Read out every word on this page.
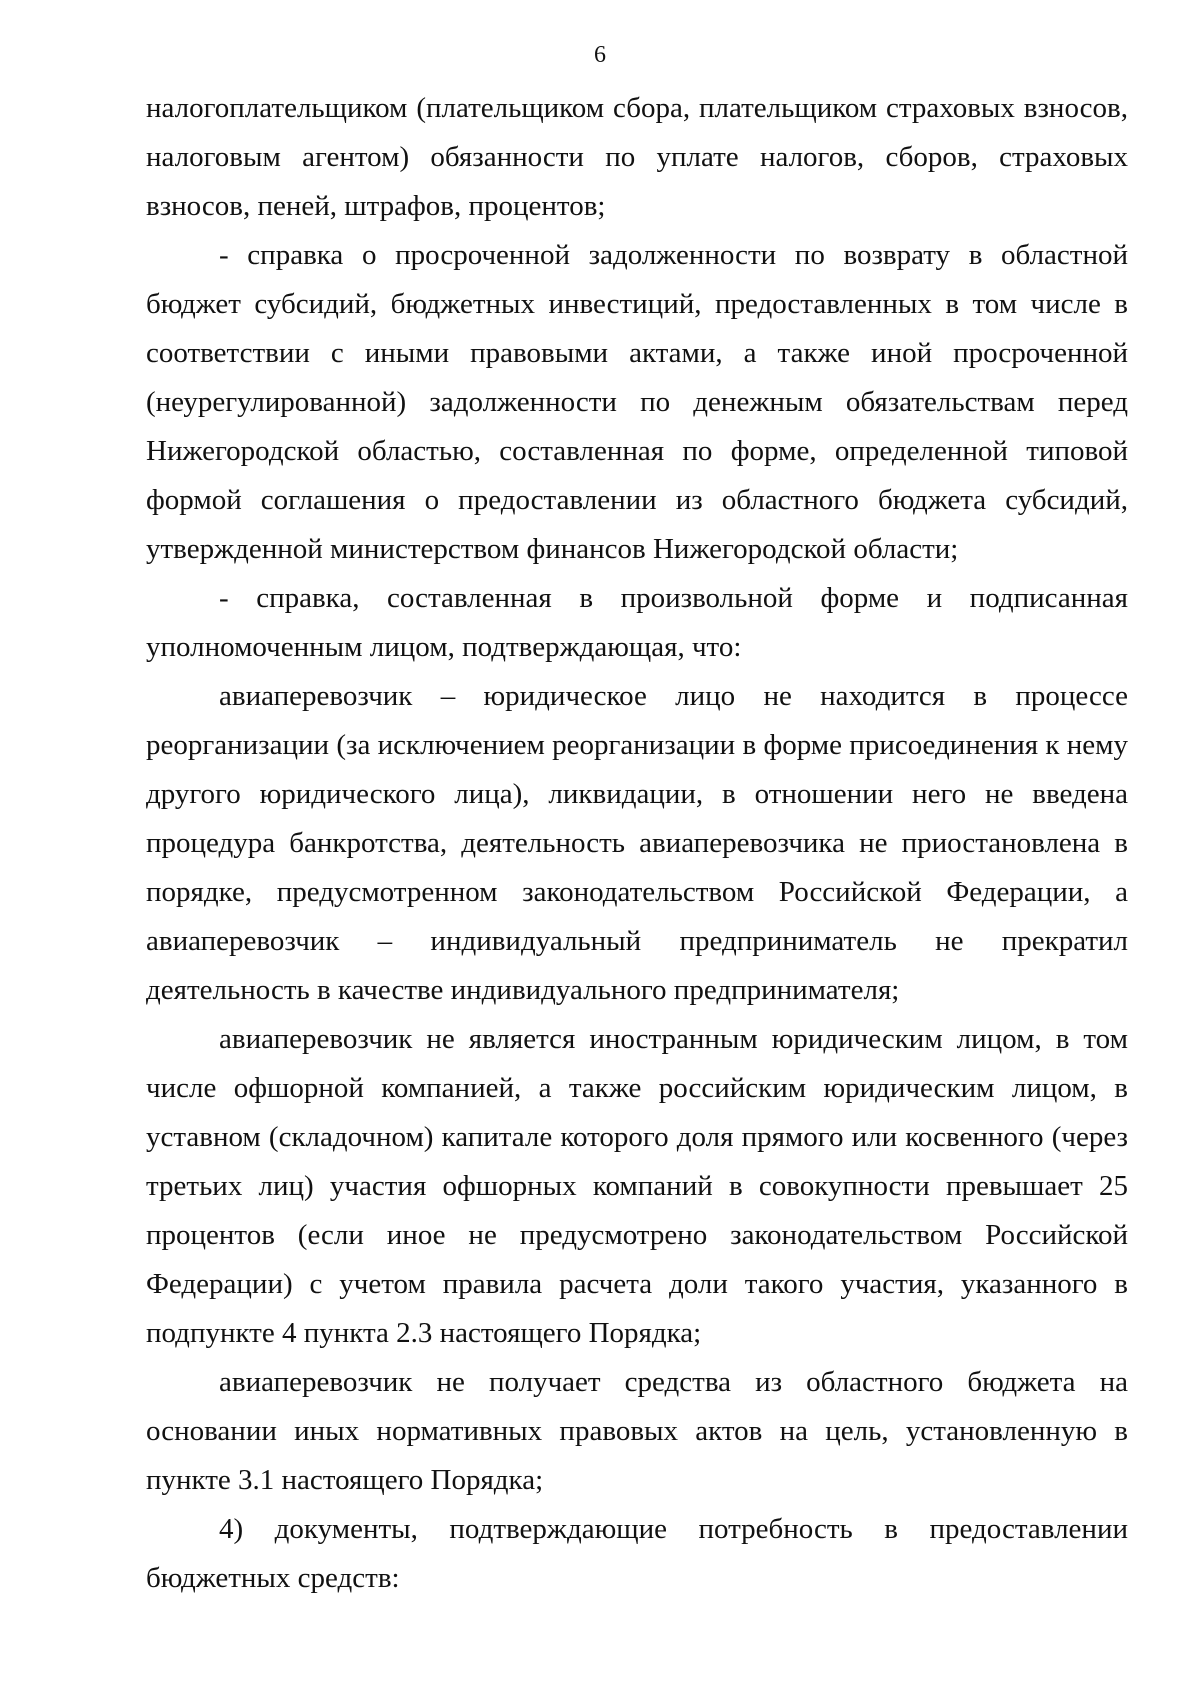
6

налогоплательщиком (плательщиком сбора, плательщиком страховых взносов, налоговым агентом) обязанности по уплате налогов, сборов, страховых взносов, пеней, штрафов, процентов;

- справка о просроченной задолженности по возврату в областной бюджет субсидий, бюджетных инвестиций, предоставленных в том числе в соответствии с иными правовыми актами, а также иной просроченной (неурегулированной) задолженности по денежным обязательствам перед Нижегородской областью, составленная по форме, определенной типовой формой соглашения о предоставлении из областного бюджета субсидий, утвержденной министерством финансов Нижегородской области;

- справка, составленная в произвольной форме и подписанная уполномоченным лицом, подтверждающая, что:

авиаперевозчик – юридическое лицо не находится в процессе реорганизации (за исключением реорганизации в форме присоединения к нему другого юридического лица), ликвидации, в отношении него не введена процедура банкротства, деятельность авиаперевозчика не приостановлена в порядке, предусмотренном законодательством Российской Федерации, а авиаперевозчик – индивидуальный предприниматель не прекратил деятельность в качестве индивидуального предпринимателя;

авиаперевозчик не является иностранным юридическим лицом, в том числе офшорной компанией, а также российским юридическим лицом, в уставном (складочном) капитале которого доля прямого или косвенного (через третьих лиц) участия офшорных компаний в совокупности превышает 25 процентов (если иное не предусмотрено законодательством Российской Федерации) с учетом правила расчета доли такого участия, указанного в подпункте 4 пункта 2.3 настоящего Порядка;

авиаперевозчик не получает средства из областного бюджета на основании иных нормативных правовых актов на цель, установленную в пункте 3.1 настоящего Порядка;

4) документы, подтверждающие потребность в предоставлении бюджетных средств:
